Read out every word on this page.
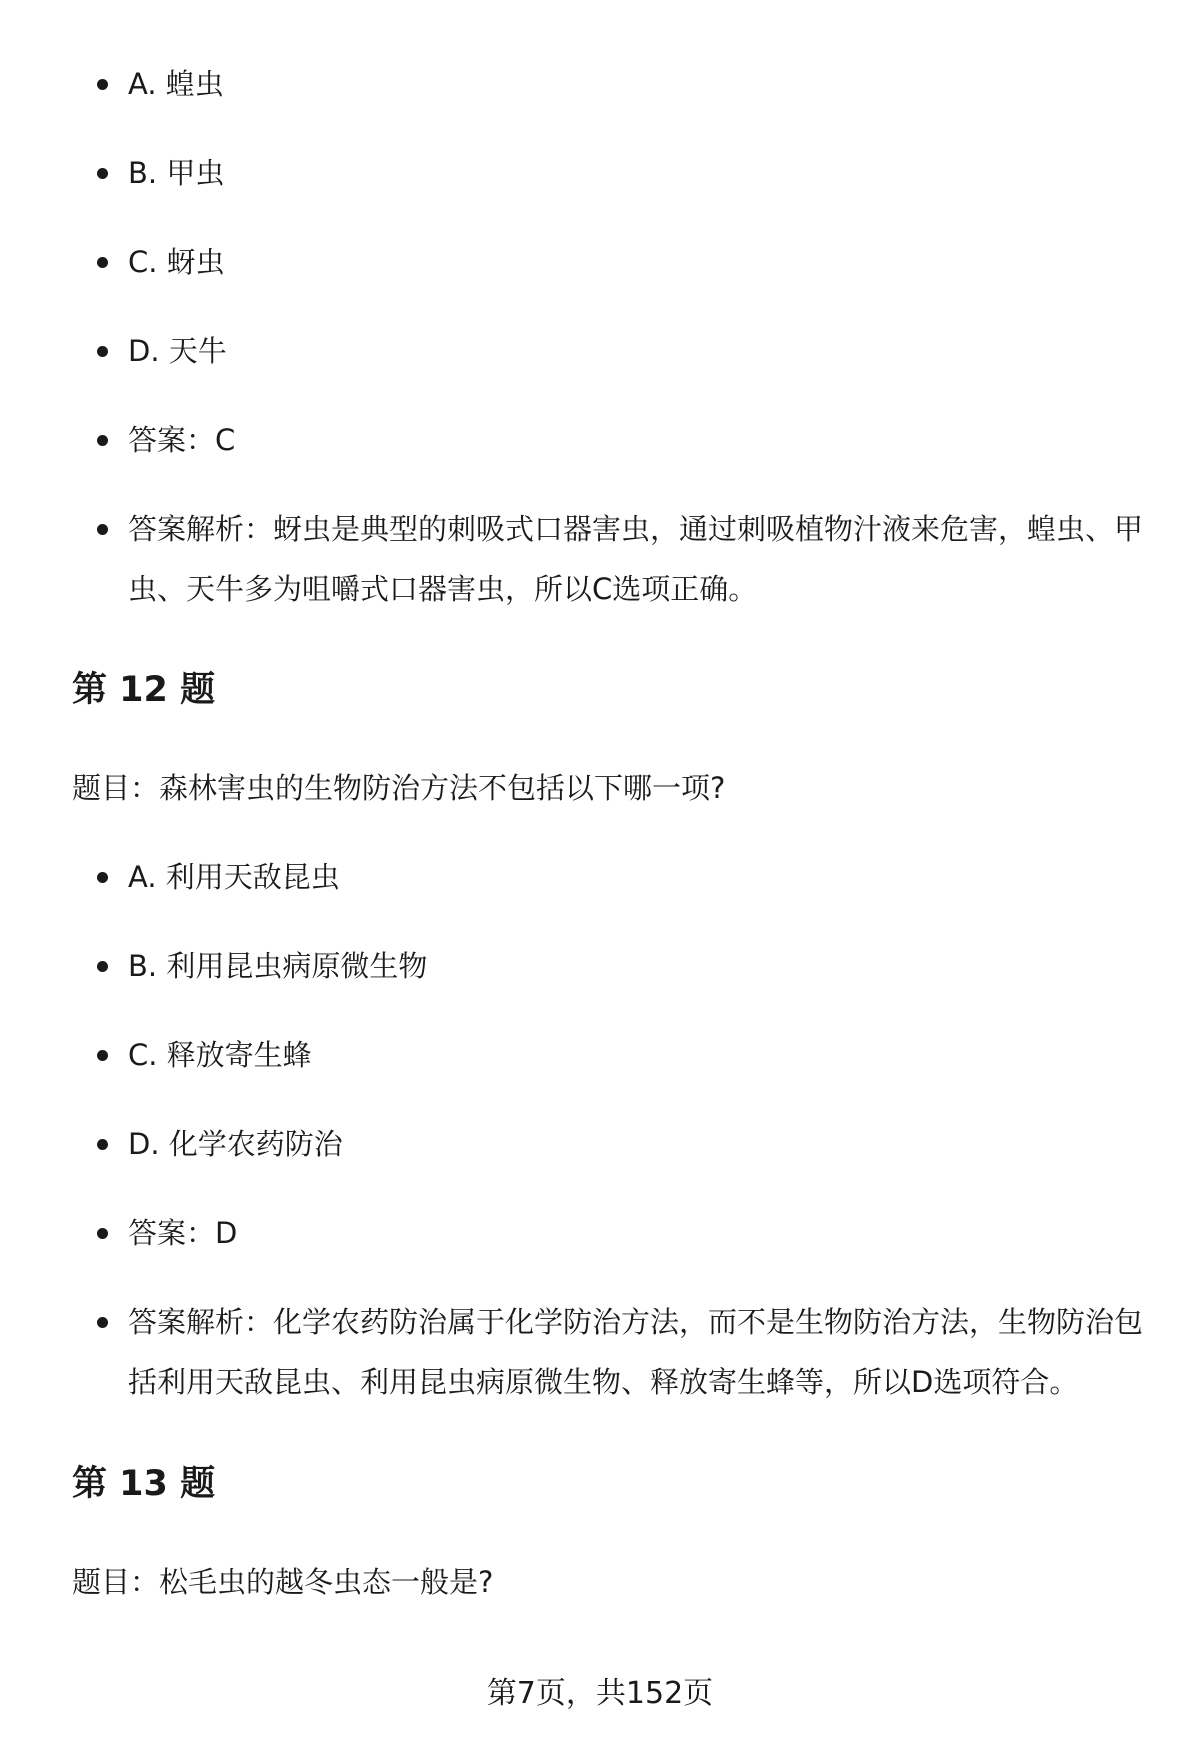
A. 蝗虫
B. 甲虫
C. 蚜虫
D. 天牛
答案：C
答案解析：蚜虫是典型的刺吸式口器害虫，通过刺吸植物汁液来危害，蝗虫、甲虫、天牛多为咀嚼式口器害虫，所以C选项正确。
第 12 题
题目：森林害虫的生物防治方法不包括以下哪一项?
A. 利用天敌昆虫
B. 利用昆虫病原微生物
C. 释放寄生蜂
D. 化学农药防治
答案：D
答案解析：化学农药防治属于化学防治方法，而不是生物防治方法，生物防治包括利用天敌昆虫、利用昆虫病原微生物、释放寄生蜂等，所以D选项符合。
第 13 题
题目：松毛虫的越冬虫态一般是?
第7页，共152页
